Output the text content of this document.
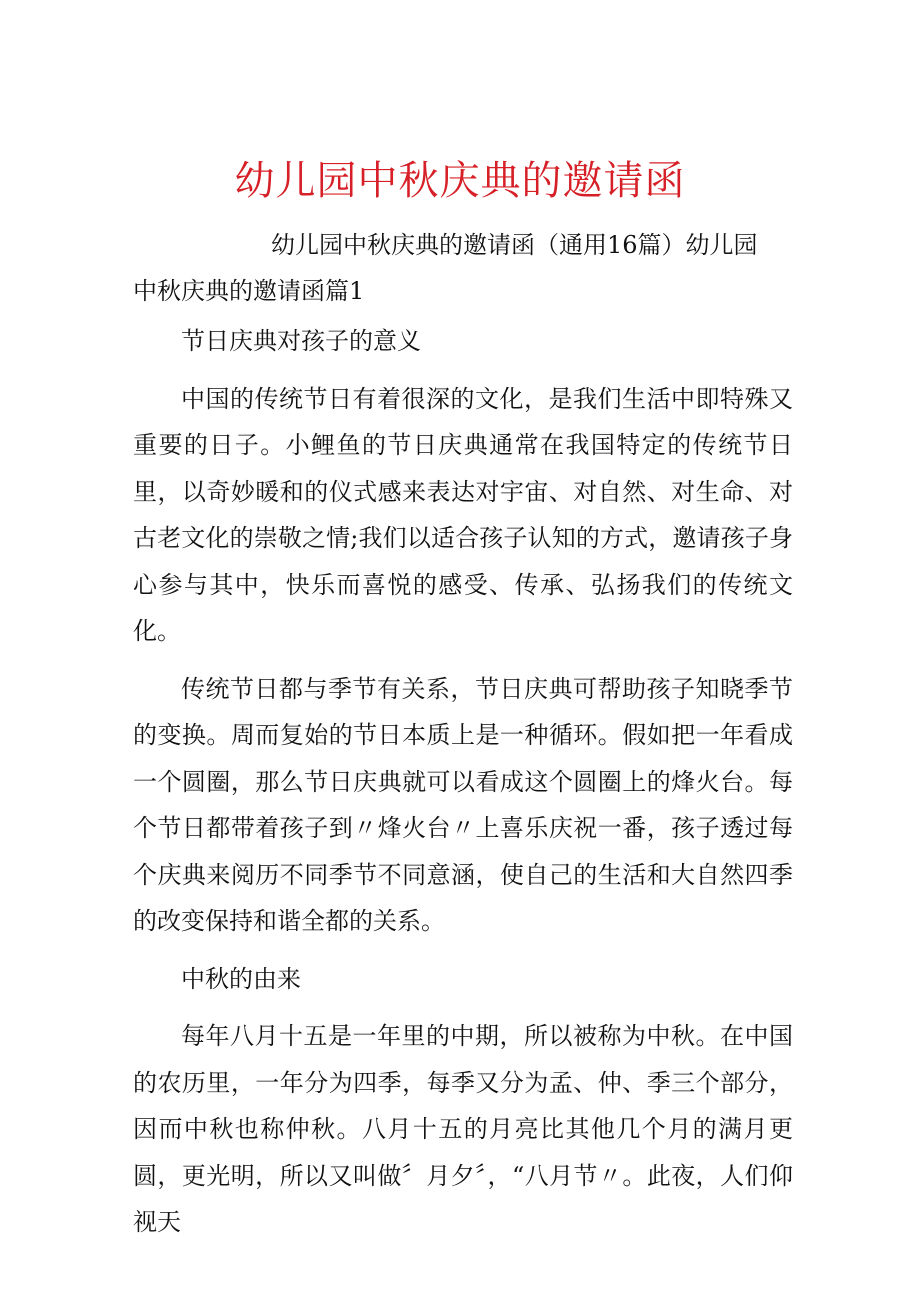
幼儿园中秋庆典的邀请函
幼儿园中秋庆典的邀请函（通用16篇）幼儿园
中秋庆典的邀请函篇1

节日庆典对孩子的意义

中国的传统节日有着很深的文化，是我们生活中即特殊又重要的日子。小鲤鱼的节日庆典通常在我国特定的传统节日里，以奇妙暖和的仪式感来表达对宇宙、对自然、对生命、对古老文化的崇敬之情;我们以适合孩子认知的方式，邀请孩子身心参与其中，快乐而喜悦的感受、传承、弘扬我们的传统文化。

传统节日都与季节有关系，节日庆典可帮助孩子知晓季节的变换。周而复始的节日本质上是一种循环。假如把一年看成一个圆圈，那么节日庆典就可以看成这个圆圈上的烽火台。每个节日都带着孩子到〃烽火台〃上喜乐庆祝一番，孩子透过每个庆典来阅历不同季节不同意涵，使自己的生活和大自然四季的改变保持和谐全都的关系。

中秋的由来

每年八月十五是一年里的中期，所以被称为中秋。在中国的农历里，一年分为四季，每季又分为孟、仲、季三个部分，因而中秋也称仲秋。八月十五的月亮比其他几个月的满月更圆，更光明，所以又叫做〞月夕〞，“八月节〃。此夜，人们仰视天
